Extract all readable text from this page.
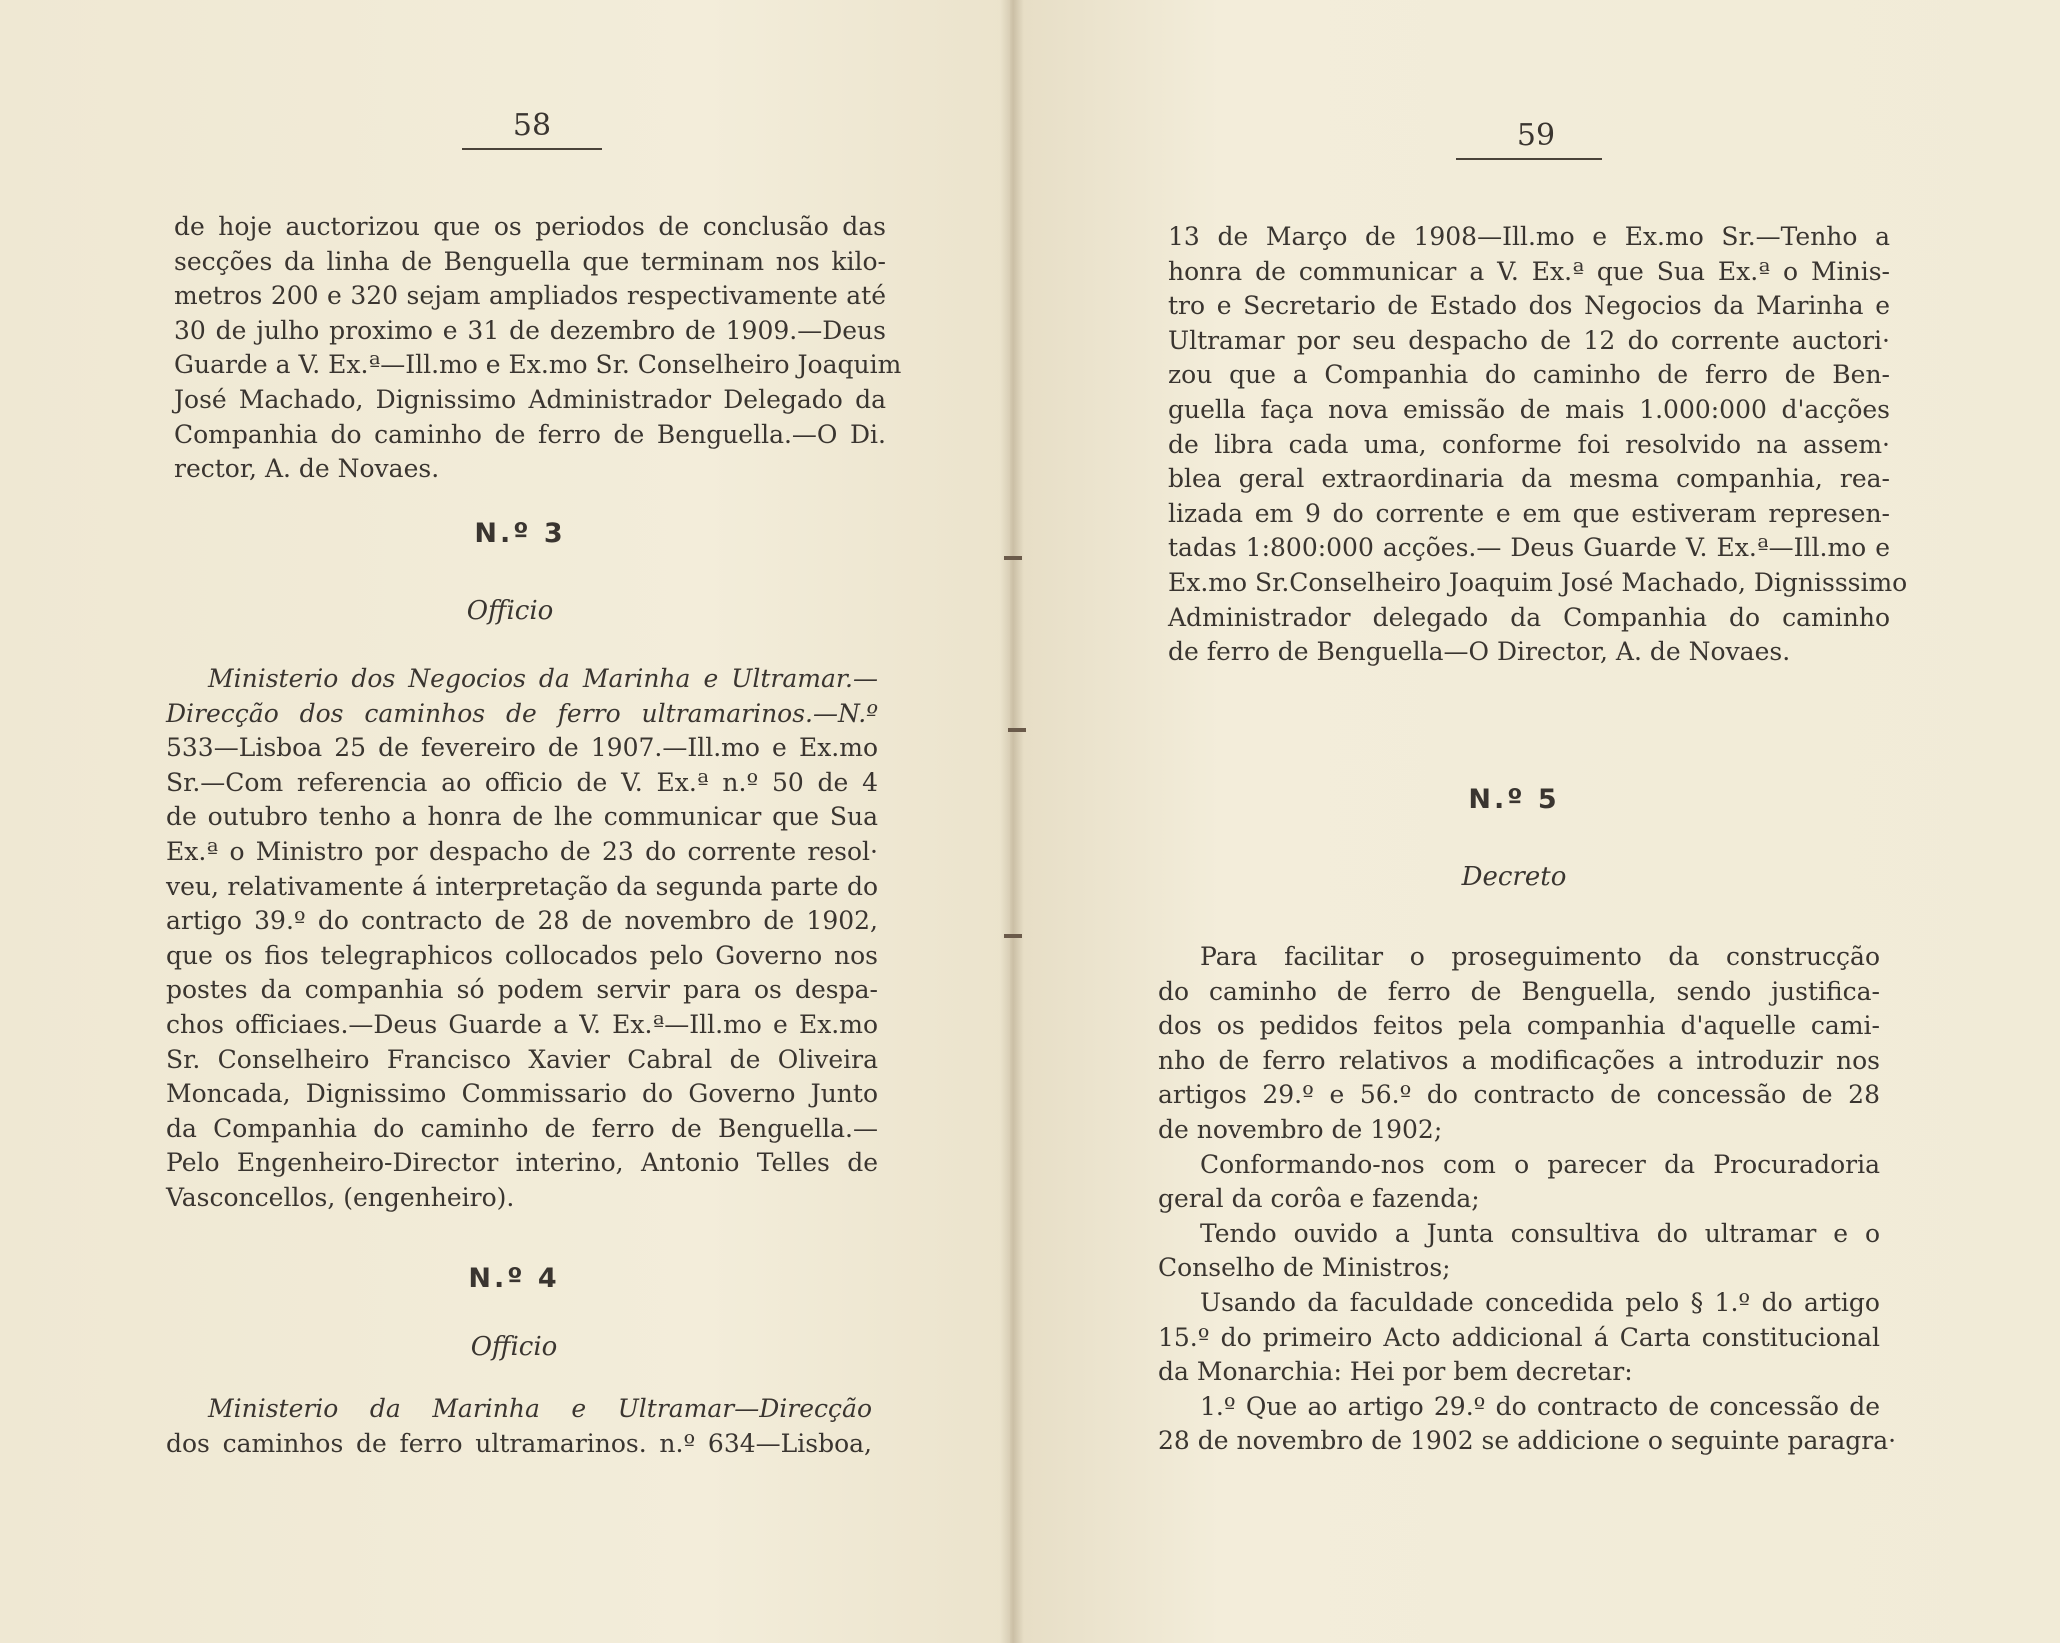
58
de hoje auctorizou que os periodos de conclusão das
secções da linha de Benguella que terminam nos kilo-
metros 200 e 320 sejam ampliados respectivamente até
30 de julho proximo e 31 de dezembro de 1909.—Deus
Guarde a V. Ex.ª—Ill.mo e Ex.mo Sr. Conselheiro Joaquim
José Machado, Dignissimo Administrador Delegado da
Companhia do caminho de ferro de Benguella.—O Di.
rector, A. de Novaes.
N.º 3
Officio
Ministerio dos Negocios da Marinha e Ultramar.—
Direcção dos caminhos de ferro ultramarinos.—N.º
533—Lisboa 25 de fevereiro de 1907.—Ill.mo e Ex.mo
Sr.—Com referencia ao officio de V. Ex.ª n.º 50 de 4
de outubro tenho a honra de lhe communicar que Sua
Ex.ª o Ministro por despacho de 23 do corrente resol·
veu, relativamente á interpretação da segunda parte do
artigo 39.º do contracto de 28 de novembro de 1902,
que os fios telegraphicos collocados pelo Governo nos
postes da companhia só podem servir para os despa-
chos officiaes.—Deus Guarde a V. Ex.ª—Ill.mo e Ex.mo
Sr. Conselheiro Francisco Xavier Cabral de Oliveira
Moncada, Dignissimo Commissario do Governo Junto
da Companhia do caminho de ferro de Benguella.—
Pelo Engenheiro-Director interino, Antonio Telles de
Vasconcellos, (engenheiro).
N.º 4
Officio
Ministerio da Marinha e Ultramar—Direcção
dos caminhos de ferro ultramarinos. n.º 634—Lisboa,
59
13 de Março de 1908—Ill.mo e Ex.mo Sr.—Tenho a
honra de communicar a V. Ex.ª que Sua Ex.ª o Minis-
tro e Secretario de Estado dos Negocios da Marinha e
Ultramar por seu despacho de 12 do corrente auctori·
zou que a Companhia do caminho de ferro de Ben-
guella faça nova emissão de mais 1.000:000 d'acções
de libra cada uma, conforme foi resolvido na assem·
blea geral extraordinaria da mesma companhia, rea-
lizada em 9 do corrente e em que estiveram represen-
tadas 1:800:000 acções.— Deus Guarde V. Ex.ª—Ill.mo e
Ex.mo Sr.Conselheiro Joaquim José Machado, Dignisssimo
Administrador delegado da Companhia do caminho
de ferro de Benguella—O Director, A. de Novaes.
N.º 5
Decreto
Para facilitar o proseguimento da construcção
do caminho de ferro de Benguella, sendo justifica-
dos os pedidos feitos pela companhia d'aquelle cami-
nho de ferro relativos a modificações a introduzir nos
artigos 29.º e 56.º do contracto de concessão de 28
de novembro de 1902;
Conformando-nos com o parecer da Procuradoria
geral da corôa e fazenda;
Tendo ouvido a Junta consultiva do ultramar e o
Conselho de Ministros;
Usando da faculdade concedida pelo § 1.º do artigo
15.º do primeiro Acto addicional á Carta constitucional
da Monarchia: Hei por bem decretar:
1.º Que ao artigo 29.º do contracto de concessão de
28 de novembro de 1902 se addicione o seguinte paragra·
